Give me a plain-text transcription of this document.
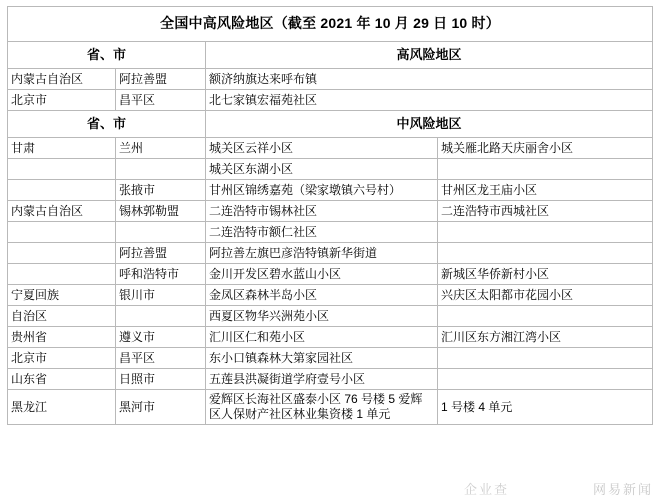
全国中高风险地区（截至 2021 年 10 月 29 日 10 时）			
省、市		高风险地区	
内蒙古自治区	阿拉善盟	额济纳旗达来呼布镇	
北京市	昌平区	北七家镇宏福苑社区	
省、市		中风险地区	
甘肃	兰州	城关区云祥小区	城关雁北路天庆丽舍小区
		城关区东湖小区	
	张掖市	甘州区锦绣嘉苑（梁家墩镇六号村）	甘州区龙王庙小区
内蒙古自治区	锡林郭勒盟	二连浩特市锡林社区	二连浩特市西城社区
		二连浩特市额仁社区	
	阿拉善盟	阿拉善左旗巴彦浩特镇新华街道	
	呼和浩特市	金川开发区碧水蓝山小区	新城区华侨新村小区
宁夏回族	银川市	金凤区森林半岛小区	兴庆区太阳都市花园小区
自治区		西夏区物华兴洲苑小区	
贵州省	遵义市	汇川区仁和苑小区	汇川区东方湘江湾小区
北京市	昌平区	东小口镇森林大第家园社区	
山东省	日照市	五莲县洪凝街道学府壹号小区	
黑龙江	黑河市	爱辉区长海社区盛泰小区 76 号楼 5 爱辉区人保财产社区林业集资楼 1 单元	1 号楼 4 单元
企业查	网易新闻
